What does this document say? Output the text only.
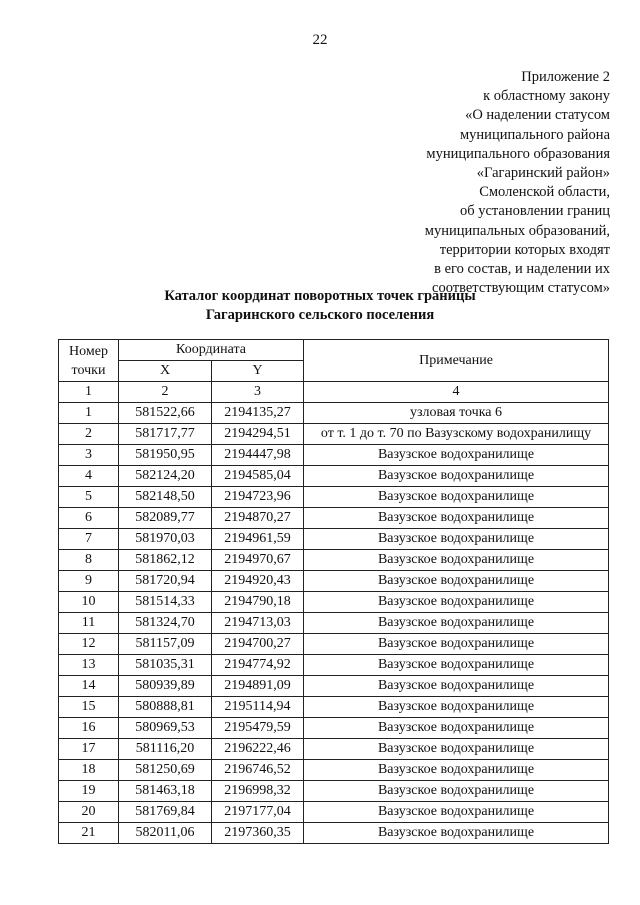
22
Приложение 2
к областному закону
«О наделении статусом
муниципального района
муниципального образования
«Гагаринский район»
Смоленской области,
об установлении границ
муниципальных образований,
территории которых входят
в его состав, и наделении их
соответствующим статусом»
Каталог координат поворотных точек границы
Гагаринского сельского поселения
Номер точки	Координата		Примечание
	X	Y	
1	2	3	4
1	581522,66	2194135,27	узловая точка 6
2	581717,77	2194294,51	от т. 1 до т. 70 по Вазузскому водохранилищу
3	581950,95	2194447,98	Вазузское водохранилище
4	582124,20	2194585,04	Вазузское водохранилище
5	582148,50	2194723,96	Вазузское водохранилище
6	582089,77	2194870,27	Вазузское водохранилище
7	581970,03	2194961,59	Вазузское водохранилище
8	581862,12	2194970,67	Вазузское водохранилище
9	581720,94	2194920,43	Вазузское водохранилище
10	581514,33	2194790,18	Вазузское водохранилище
11	581324,70	2194713,03	Вазузское водохранилище
12	581157,09	2194700,27	Вазузское водохранилище
13	581035,31	2194774,92	Вазузское водохранилище
14	580939,89	2194891,09	Вазузское водохранилище
15	580888,81	2195114,94	Вазузское водохранилище
16	580969,53	2195479,59	Вазузское водохранилище
17	581116,20	2196222,46	Вазузское водохранилище
18	581250,69	2196746,52	Вазузское водохранилище
19	581463,18	2196998,32	Вазузское водохранилище
20	581769,84	2197177,04	Вазузское водохранилище
21	582011,06	2197360,35	Вазузское водохранилище
